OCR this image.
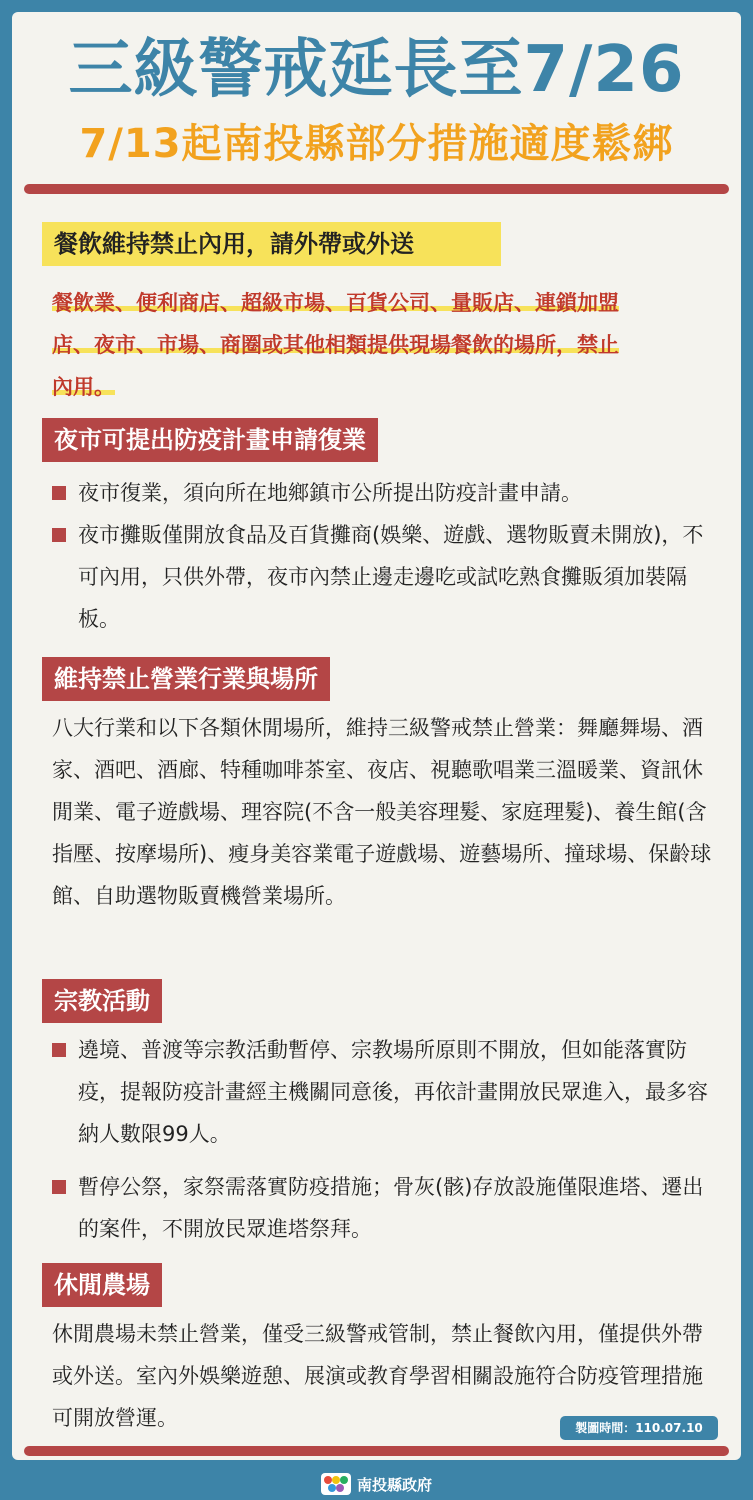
三級警戒延長至7/26
7/13起南投縣部分措施適度鬆綁
餐飲維持禁止內用，請外帶或外送
餐飲業、便利商店、超級市場、百貨公司、量販店、連鎖加盟
店、夜市、市場、商圈或其他相類提供現場餐飲的場所，禁止
內用。
夜市可提出防疫計畫申請復業
夜市復業，須向所在地鄉鎮市公所提出防疫計畫申請。
夜市攤販僅開放食品及百貨攤商(娛樂、遊戲、選物販賣未開放)，不可內用，只供外帶，夜市內禁止邊走邊吃或試吃熟食攤販須加裝隔板。
維持禁止營業行業與場所
八大行業和以下各類休閒場所，維持三級警戒禁止營業：舞廳舞場、酒家、酒吧、酒廊、特種咖啡茶室、夜店、視聽歌唱業三溫暖業、資訊休閒業、電子遊戲場、理容院(不含一般美容理髮、家庭理髮)、養生館(含指壓、按摩場所)、瘦身美容業電子遊戲場、遊藝場所、撞球場、保齡球館、自助選物販賣機營業場所。
宗教活動
遶境、普渡等宗教活動暫停、宗教場所原則不開放，但如能落實防疫，提報防疫計畫經主機關同意後，再依計畫開放民眾進入，最多容納人數限99人。
暫停公祭，家祭需落實防疫措施；骨灰(骸)存放設施僅限進塔、遷出的案件，不開放民眾進塔祭拜。
休閒農場
休閒農場未禁止營業，僅受三級警戒管制，禁止餐飲內用，僅提供外帶或外送。室內外娛樂遊憩、展演或教育學習相關設施符合防疫管理措施可開放營運。	製圖時間：110.07.10
南投縣政府
